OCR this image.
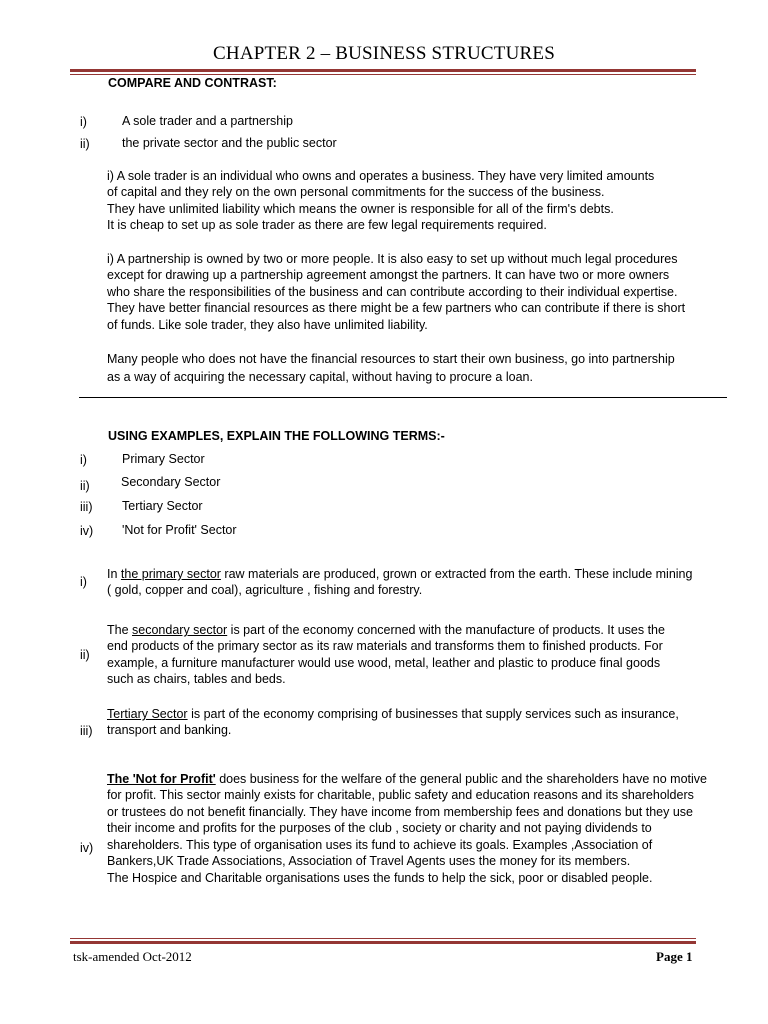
CHAPTER 2 – BUSINESS STRUCTURES
COMPARE AND CONTRAST:
i)	A sole trader and a partnership
ii)	the private sector and the public sector
i) A sole trader is an individual who owns and operates a business. They have very limited amounts
of capital and they rely on the own personal commitments for the success of the business.
They have unlimited liability which means the owner is responsible for all of the firm's debts.
It is cheap to set up as sole trader as there are few legal requirements required.
i) A partnership is owned by two or more people. It is also easy to set up without much legal procedures
except for drawing up a partnership agreement amongst the partners. It can have two or more owners
who share the responsibilities of the business and can contribute according to their individual expertise.
They have better financial resources as there might be a few partners who can contribute if there is short
of funds. Like sole trader, they also have unlimited liability.
Many people who does not have the financial resources to start their own business, go into partnership
as a way of acquiring the necessary capital, without having to procure a loan.
USING EXAMPLES, EXPLAIN THE FOLLOWING TERMS:-
i)	Primary Sector
ii)	Secondary Sector
iii) Tertiary Sector
iv) 'Not for Profit' Sector
i)
In the primary sector raw materials are produced, grown or extracted from the earth. These include mining
( gold, copper and coal), agriculture , fishing and forestry.
ii)
The secondary sector is part of the economy concerned with the manufacture of products. It uses the
end products of the primary sector as its raw materials and transforms them to finished products. For
example, a furniture manufacturer would use wood, metal, leather and plastic to produce final goods
such as chairs, tables and beds.
iii)
Tertiary Sector is part of the economy comprising of businesses that supply services such as insurance,
transport and banking.
iv)
The 'Not for Profit' does business for the welfare of the general public and the shareholders have no motive
for profit. This sector mainly exists for charitable, public safety and education reasons and its shareholders
or trustees do not benefit financially. They have income from membership fees and donations but they use
their income and profits for the purposes of the club , society or charity and not paying dividends to
shareholders. This type of organisation uses its fund to achieve its goals. Examples ,Association of
Bankers,UK Trade Associations, Association of Travel Agents uses the money for its members.
The Hospice and Charitable organisations uses the funds to help the sick, poor or disabled people.
tsk-amended Oct-2012	Page 1
